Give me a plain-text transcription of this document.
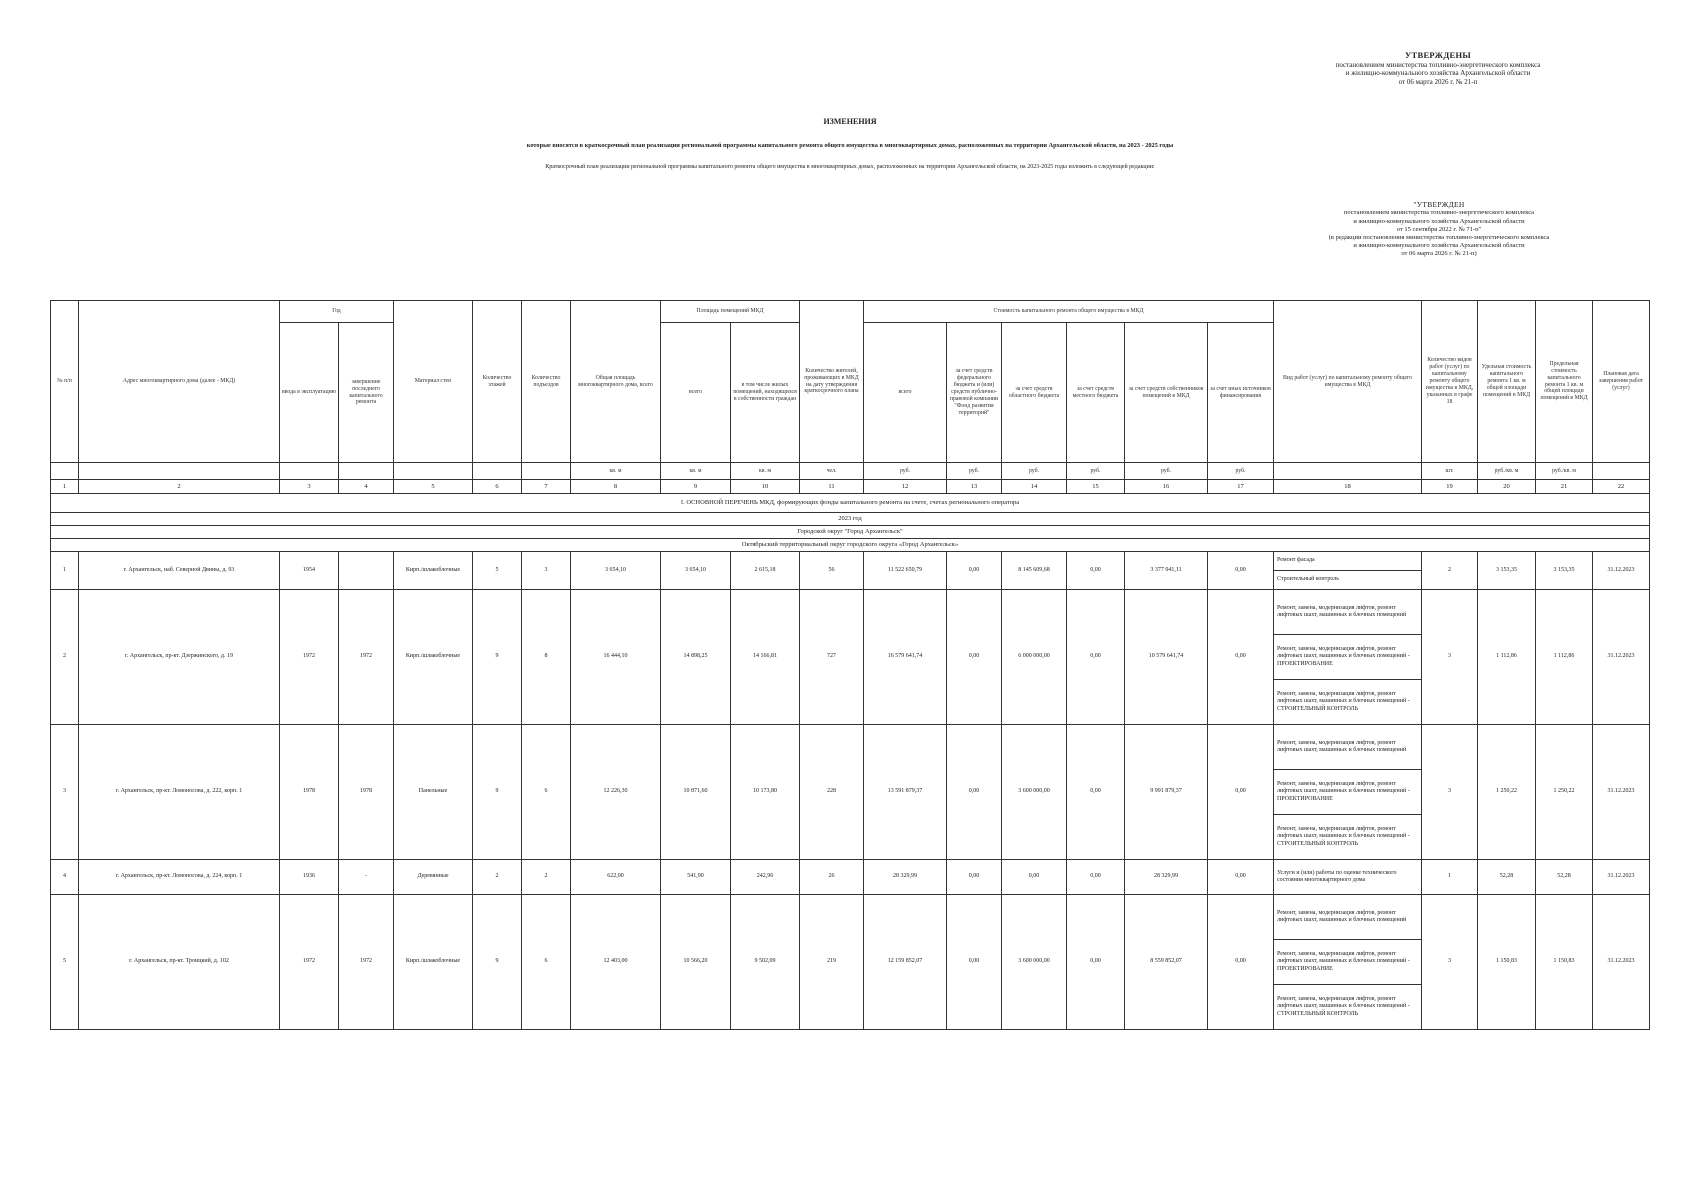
УТВЕРЖДЕНЫ
постановлением министерства топливно-энергетического комплекса
и жилищно-коммунального хозяйства Архангельской области
от 06 марта 2026 г. № 21-п
ИЗМЕНЕНИЯ
которые вносятся в краткосрочный план реализации региональной программы капитального ремонта общего имущества в многоквартирных домах, расположенных на территории Архангельской области, на 2023 - 2025 годы
Краткосрочный план реализации региональной программы капитального ремонта общего имущества в многоквартирных домах, расположенных на территории Архангельской области, на 2023-2025 годы изложить в следующей редакции:
"УТВЕРЖДЕН
постановлением министерства топливно-энергетического комплекса
и жилищно-коммунального хозяйства Архангельской области
от 15 сентября 2022 г. № 71-п"
(в редакции постановления министерства топливно-энергетического комплекса
и жилищно-коммунального хозяйства Архангельской области
от 06 марта 2026 г. № 21-п)
№ п/п	Адрес многоквартирного дома (далее - МКД)	Год		Материал стен	Количество этажей	Количество подъездов	Общая площадь многоквартирного дома, всего	Площадь помещений МКД		Количество жителей, проживающих в МКД на дату утверждения краткосрочного плана	Стоимость капитального ремонта общего имущества в МКД						Вид работ (услуг) по капитальному ремонту общего имущества в МКД	Количество видов работ (услуг) по капитальному ремонту общего имущества в МКД, указанных в графе 18	Удельная стоимость капитального ремонта 1 кв. м общей площади помещений в МКД	Предельная стоимость капитального ремонта 1 кв. м общей площади помещений в МКД	Плановая дата завершения работ (услуг)
		ввода в эксплуатацию	завершение последнего капитального ремонта					всего	в том числе жилых помещений, находящихся в собственности граждан		всего	за счет средств федерального бюджета и (или) средств публично-правовой компании "Фонд развития территорий"	за счет средств областного бюджета	за счет средств местного бюджета	за счет средств собственников помещений в МКД	за счет иных источников финансирования					
							кв. м	кв. м	кв. м	чел.	руб.	руб.	руб.	руб.	руб.	руб.		шт.	руб./кв. м	руб./кв. м	
1	2	3	4	5	6	7	8	9	10	11	12	13	14	15	16	17	18	19	20	21	22
I. ОСНОВНОЙ ПЕРЕЧЕНЬ МКД, формирующих фонды капитального ремонта на счете, счетах регионального оператора																					
2023 год																					
Городской округ "Город Архангельск"																					
Октябрьский территориальный округ городского округа «Город Архангельск»																					
1	г. Архангельск, наб. Северной Двины, д. 93	1954		Кирп./шлакоблочные	5	3	3 654,10	3 654,10	2 615,18	56	11 522 650,79	0,00	8 145 609,68	0,00	3 377 041,11	0,00	Ремонт фасада	2	3 153,35	3 153,35	31.12.2023
																	Строительный контроль				
2	г. Архангельск, пр-кт. Дзержинского, д. 19	1972	1972	Кирп./шлакоблочные	9	8	16 444,10	14 898,25	14 166,81	727	16 579 641,74	0,00	6 000 000,00	0,00	10 579 641,74	0,00	Ремонт, замена, модернизация лифтов, ремонт лифтовых шахт, машинных и блочных помещений	3	1 112,86	1 112,86	31.12.2023
																	Ремонт, замена, модернизация лифтов, ремонт лифтовых шахт, машинных и блочных помещений - ПРОЕКТИРОВАНИЕ				
																	Ремонт, замена, модернизация лифтов, ремонт лифтовых шахт, машинных и блочных помещений - СТРОИТЕЛЬНЫЙ КОНТРОЛЬ				
3	г. Архангельск, пр-кт. Ломоносова, д. 222, корп. 1	1978	1978	Панельные	9	6	12 226,30	10 871,60	10 173,80	228	13 591 879,37	0,00	3 600 000,00	0,00	9 991 879,37	0,00	Ремонт, замена, модернизация лифтов, ремонт лифтовых шахт, машинных и блочных помещений	3	1 250,22	1 250,22	31.12.2023
																	Ремонт, замена, модернизация лифтов, ремонт лифтовых шахт, машинных и блочных помещений - ПРОЕКТИРОВАНИЕ				
																	Ремонт, замена, модернизация лифтов, ремонт лифтовых шахт, машинных и блочных помещений - СТРОИТЕЛЬНЫЙ КОНТРОЛЬ				
4	г. Архангельск, пр-кт. Ломоносова, д. 224, корп. 1	1936	-	Деревянные	2	2	622,00	541,90	242,96	26	28 329,99	0,00	0,00	0,00	28 329,99	0,00	Услуги и (или) работы по оценке технического состояния многоквартирного дома	1	52,28	52,28	31.12.2023
5	г. Архангельск, пр-кт. Троицкий, д. 102	1972	1972	Кирп./шлакоблочные	9	6	12 403,00	10 566,20	9 502,09	219	12 159 852,07	0,00	3 600 000,00	0,00	8 559 852,07	0,00	Ремонт, замена, модернизация лифтов, ремонт лифтовых шахт, машинных и блочных помещений	3	1 150,83	1 150,83	31.12.2023
																	Ремонт, замена, модернизация лифтов, ремонт лифтовых шахт, машинных и блочных помещений - ПРОЕКТИРОВАНИЕ				
																	Ремонт, замена, модернизация лифтов, ремонт лифтовых шахт, машинных и блочных помещений - СТРОИТЕЛЬНЫЙ КОНТРОЛЬ				
